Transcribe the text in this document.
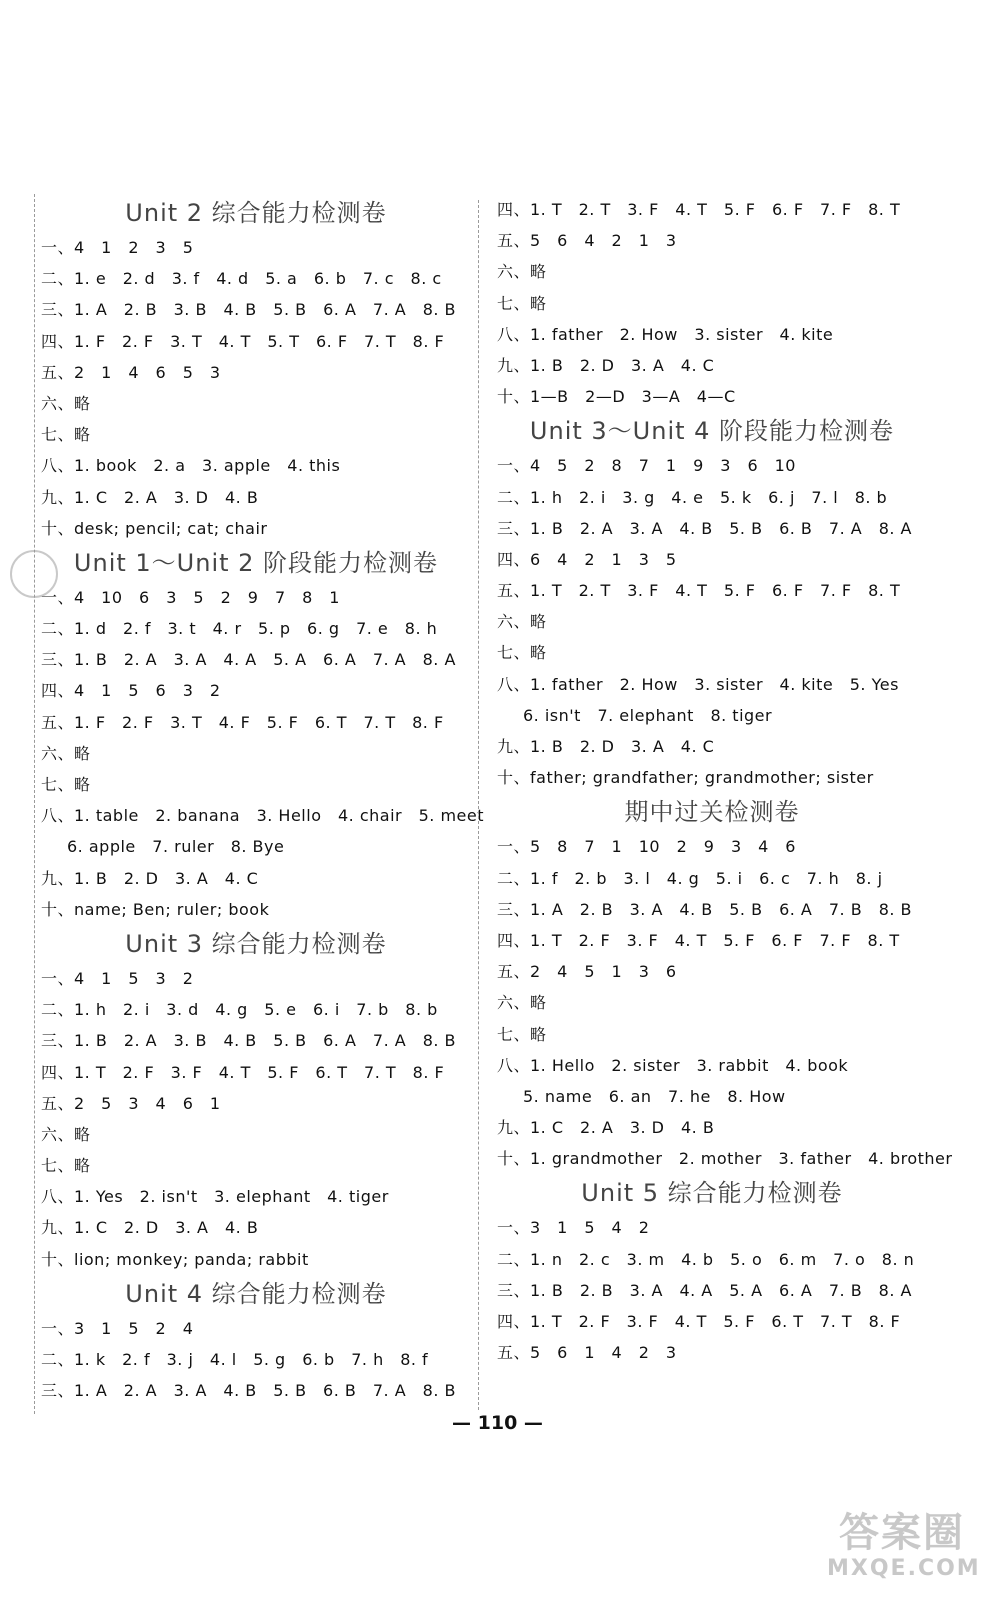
Unit 2 综合能力检测卷
一、4　1　2　3　5
二、1. e　2. d　3. f　4. d　5. a　6. b　7. c　8. c
三、1. A　2. B　3. B　4. B　5. B　6. A　7. A　8. B
四、1. F　2. F　3. T　4. T　5. T　6. F　7. T　8. F
五、2　1　4　6　5　3
六、略
七、略
八、1. book　2. a　3. apple　4. this
九、1. C　2. A　3. D　4. B
十、desk; pencil; cat; chair
Unit 1～Unit 2 阶段能力检测卷
一、4　10　6　3　5　2　9　7　8　1
二、1. d　2. f　3. t　4. r　5. p　6. g　7. e　8. h
三、1. B　2. A　3. A　4. A　5. A　6. A　7. A　8. A
四、4　1　5　6　3　2
五、1. F　2. F　3. T　4. F　5. F　6. T　7. T　8. F
六、略
七、略
八、1. table　2. banana　3. Hello　4. chair　5. meet
6. apple　7. ruler　8. Bye
九、1. B　2. D　3. A　4. C
十、name; Ben; ruler; book
Unit 3 综合能力检测卷
一、4　1　5　3　2
二、1. h　2. i　3. d　4. g　5. e　6. i　7. b　8. b
三、1. B　2. A　3. B　4. B　5. B　6. A　7. A　8. B
四、1. T　2. F　3. F　4. T　5. F　6. T　7. T　8. F
五、2　5　3　4　6　1
六、略
七、略
八、1. Yes　2. isn't　3. elephant　4. tiger
九、1. C　2. D　3. A　4. B
十、lion; monkey; panda; rabbit
Unit 4 综合能力检测卷
一、3　1　5　2　4
二、1. k　2. f　3. j　4. l　5. g　6. b　7. h　8. f
三、1. A　2. A　3. A　4. B　5. B　6. B　7. A　8. B
四、1. T　2. T　3. F　4. T　5. F　6. F　7. F　8. T
五、5　6　4　2　1　3
六、略
七、略
八、1. father　2. How　3. sister　4. kite
九、1. B　2. D　3. A　4. C
十、1—B　2—D　3—A　4—C
Unit 3～Unit 4 阶段能力检测卷
一、4　5　2　8　7　1　9　3　6　10
二、1. h　2. i　3. g　4. e　5. k　6. j　7. l　8. b
三、1. B　2. A　3. A　4. B　5. B　6. B　7. A　8. A
四、6　4　2　1　3　5
五、1. T　2. T　3. F　4. T　5. F　6. F　7. F　8. T
六、略
七、略
八、1. father　2. How　3. sister　4. kite　5. Yes
6. isn't　7. elephant　8. tiger
九、1. B　2. D　3. A　4. C
十、father; grandfather; grandmother; sister
期中过关检测卷
一、5　8　7　1　10　2　9　3　4　6
二、1. f　2. b　3. l　4. g　5. i　6. c　7. h　8. j
三、1. A　2. B　3. A　4. B　5. B　6. A　7. B　8. B
四、1. T　2. F　3. F　4. T　5. F　6. F　7. F　8. T
五、2　4　5　1　3　6
六、略
七、略
八、1. Hello　2. sister　3. rabbit　4. book
5. name　6. an　7. he　8. How
九、1. C　2. A　3. D　4. B
十、1. grandmother　2. mother　3. father　4. brother
Unit 5 综合能力检测卷
一、3　1　5　4　2
二、1. n　2. c　3. m　4. b　5. o　6. m　7. o　8. n
三、1. B　2. B　3. A　4. A　5. A　6. A　7. B　8. A
四、1. T　2. F　3. F　4. T　5. F　6. T　7. T　8. F
五、5　6　1　4　2　3
— 110 —
答案圈
MXQE.COM
